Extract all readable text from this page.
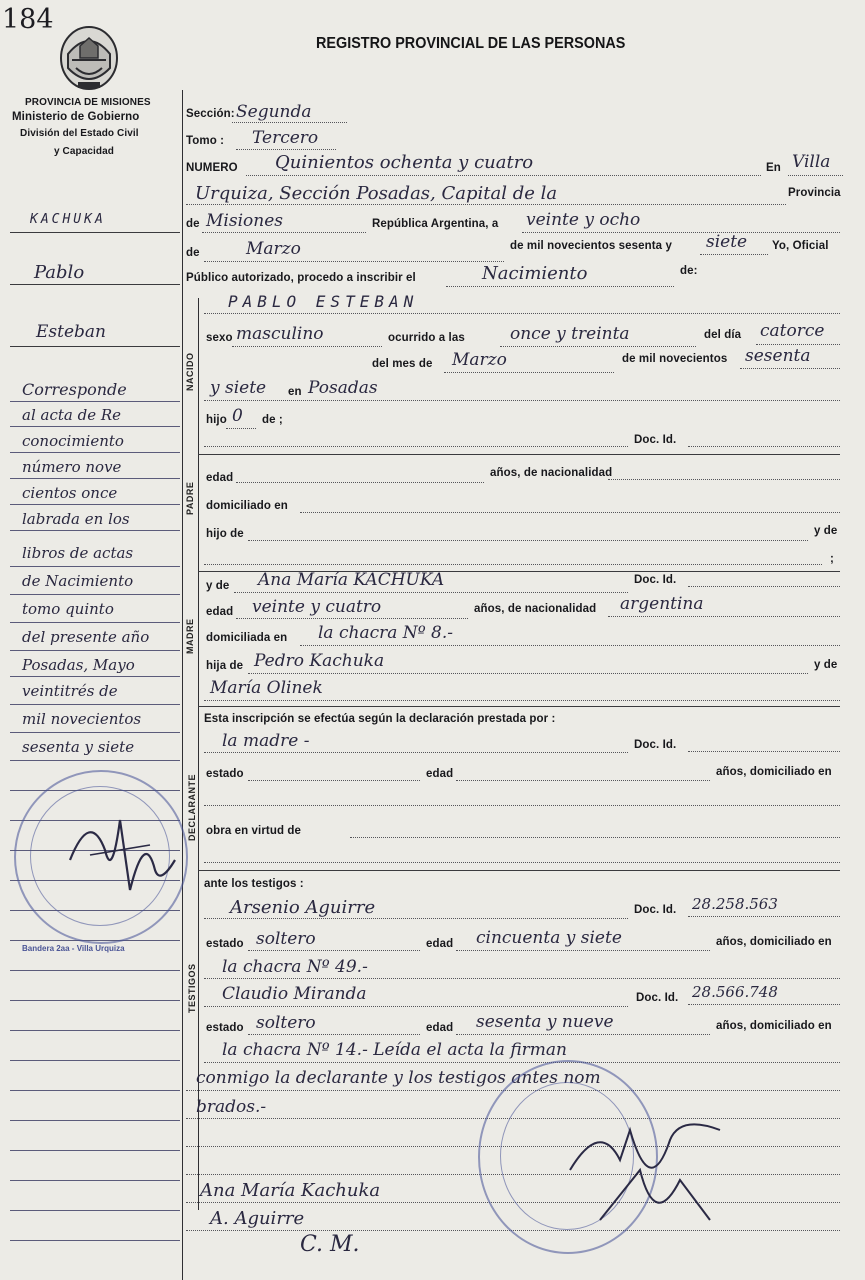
184
PROVINCIA DE MISIONES
Ministerio de Gobierno
División del Estado Civil
y Capacidad
REGISTRO PROVINCIAL DE LAS PERSONAS
KACHUKA
Pablo
Esteban
Corresponde
al acta de Re
conocimiento
número nove
cientos once
labrada en los
libros de actas
de Nacimiento
tomo quinto
del presente año
Posadas, Mayo
veintitrés de
mil novecientos
sesenta y siete
Bandera 2aa - Villa Urquiza
Sección: Segunda
Tomo : Tercero
NUMERO Quinientos ochenta y cuatro	En Villa
Urquiza, Sección Posadas, Capital de la	Provincia
de Misiones	República Argentina, a veinte y ocho
de	Marzo	de mil novecientos sesenta y siete Yo, Oficial
Público autorizado, procedo a inscribir el	Nacimiento	de:
NACIDO
PABLO ESTEBAN
sexo masculino	ocurrido a las	once y treinta	del día catorce
del mes de Marzo	de mil novecientos sesenta
y siete en Posadas
hijo 0 de ;
Doc. Id.
PADRE
edad	años, de nacionalidad
domiciliado en
hijo de	y de
;
MADRE
y de Ana María KACHUKA	Doc. Id.
edad veinte y cuatro	años, de nacionalidad argentina
domiciliada en la chacra Nº 8.-
hija de Pedro Kachuka	y de
María Olinek
Esta inscripción se efectúa según la declaración prestada por :
DECLARANTE
la madre -	Doc. Id.
estado	edad	años, domiciliado en
obra en virtud de
ante los testigos :
TESTIGOS
Arsenio Aguirre	Doc. Id. 28.258.563
estado soltero	edad cincuenta y siete	años, domiciliado en
la chacra Nº 49.-
Claudio Miranda	Doc. Id. 28.566.748
estado soltero	edad sesenta y nueve	años, domiciliado en
la chacra Nº 14.- Leída el acta la firman
conmigo la declarante y los testigos antes nom
brados.-
Ana María Kachuka
A. Aguirre
C. M.
